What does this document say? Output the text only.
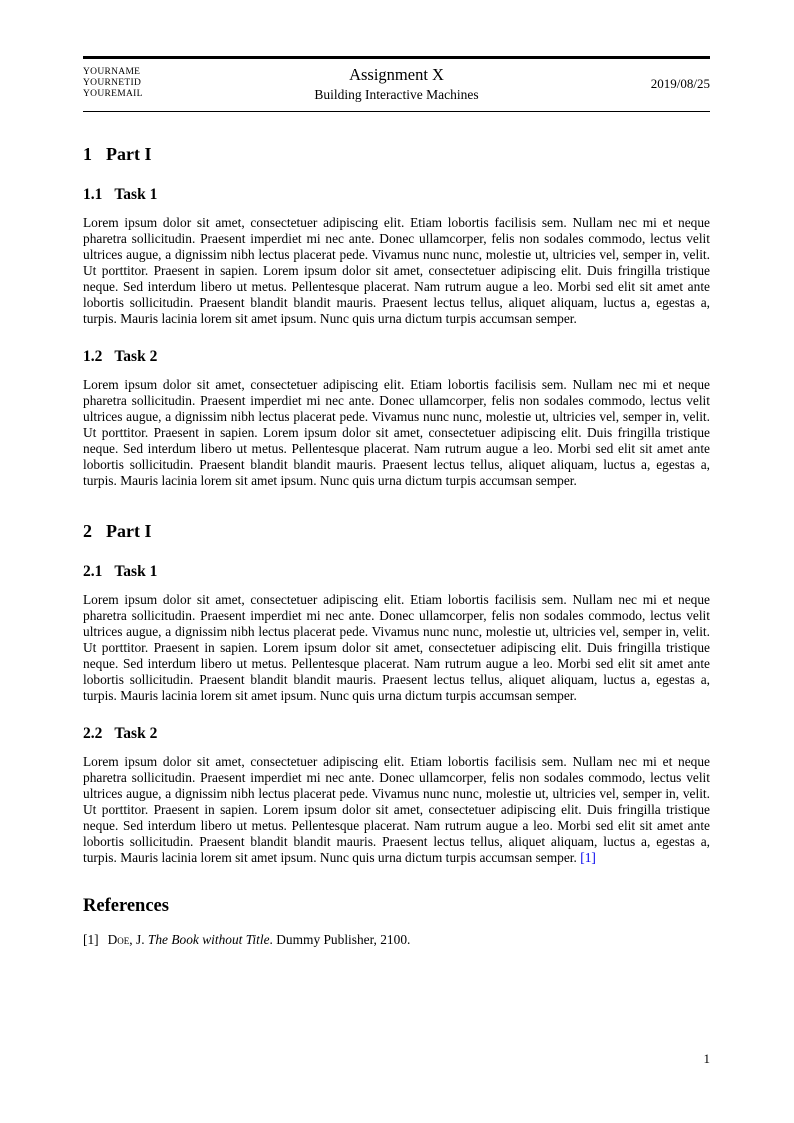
YOURNAME
YOURNETID
YOUREMAIL
Assignment X
Building Interactive Machines
2019/08/25
1 Part I
1.1 Task 1

Lorem ipsum dolor sit amet, consectetuer adipiscing elit. Etiam lobortis facilisis sem. Nullam nec mi et neque pharetra sollicitudin. Praesent imperdiet mi nec ante. Donec ullamcorper, felis non sodales commodo, lectus velit ultrices augue, a dignissim nibh lectus placerat pede. Vivamus nunc nunc, molestie ut, ultricies vel, semper in, velit. Ut porttitor. Praesent in sapien. Lorem ipsum dolor sit amet, consectetuer adipiscing elit. Duis fringilla tristique neque. Sed interdum libero ut metus. Pellentesque placerat. Nam rutrum augue a leo. Morbi sed elit sit amet ante lobortis sollicitudin. Praesent blandit blandit mauris. Praesent lectus tellus, aliquet aliquam, luctus a, egestas a, turpis. Mauris lacinia lorem sit amet ipsum. Nunc quis urna dictum turpis accumsan semper.

1.2 Task 2

Lorem ipsum dolor sit amet, consectetuer adipiscing elit. Etiam lobortis facilisis sem. Nullam nec mi et neque pharetra sollicitudin. Praesent imperdiet mi nec ante. Donec ullamcorper, felis non sodales commodo, lectus velit ultrices augue, a dignissim nibh lectus placerat pede. Vivamus nunc nunc, molestie ut, ultricies vel, semper in, velit. Ut porttitor. Praesent in sapien. Lorem ipsum dolor sit amet, consectetuer adipiscing elit. Duis fringilla tristique neque. Sed interdum libero ut metus. Pellentesque placerat. Nam rutrum augue a leo. Morbi sed elit sit amet ante lobortis sollicitudin. Praesent blandit blandit mauris. Praesent lectus tellus, aliquet aliquam, luctus a, egestas a, turpis. Mauris lacinia lorem sit amet ipsum. Nunc quis urna dictum turpis accumsan semper.

2 Part I
2.1 Task 1

Lorem ipsum dolor sit amet, consectetuer adipiscing elit. Etiam lobortis facilisis sem. Nullam nec mi et neque pharetra sollicitudin. Praesent imperdiet mi nec ante. Donec ullamcorper, felis non sodales commodo, lectus velit ultrices augue, a dignissim nibh lectus placerat pede. Vivamus nunc nunc, molestie ut, ultricies vel, semper in, velit. Ut porttitor. Praesent in sapien. Lorem ipsum dolor sit amet, consectetuer adipiscing elit. Duis fringilla tristique neque. Sed interdum libero ut metus. Pellentesque placerat. Nam rutrum augue a leo. Morbi sed elit sit amet ante lobortis sollicitudin. Praesent blandit blandit mauris. Praesent lectus tellus, aliquet aliquam, luctus a, egestas a, turpis. Mauris lacinia lorem sit amet ipsum. Nunc quis urna dictum turpis accumsan semper.

2.2 Task 2

Lorem ipsum dolor sit amet, consectetuer adipiscing elit. Etiam lobortis facilisis sem. Nullam nec mi et neque pharetra sollicitudin. Praesent imperdiet mi nec ante. Donec ullamcorper, felis non sodales commodo, lectus velit ultrices augue, a dignissim nibh lectus placerat pede. Vivamus nunc nunc, molestie ut, ultricies vel, semper in, velit. Ut porttitor. Praesent in sapien. Lorem ipsum dolor sit amet, consectetuer adipiscing elit. Duis fringilla tristique neque. Sed interdum libero ut metus. Pellentesque placerat. Nam rutrum augue a leo. Morbi sed elit sit amet ante lobortis sollicitudin. Praesent blandit blandit mauris. Praesent lectus tellus, aliquet aliquam, luctus a, egestas a, turpis. Mauris lacinia lorem sit amet ipsum. Nunc quis urna dictum turpis accumsan semper. [1]

References
[1] Doe, J. The Book without Title. Dummy Publisher, 2100.
1
